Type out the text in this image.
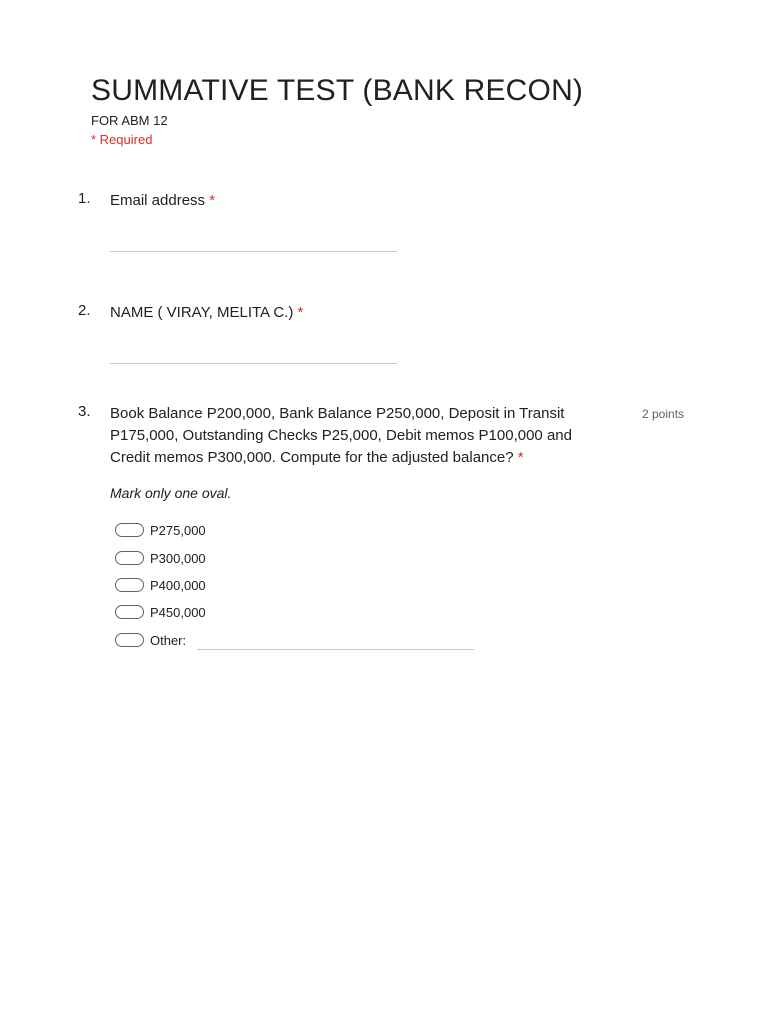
SUMMATIVE TEST (BANK RECON)
FOR ABM 12
* Required
1. Email address *
2. NAME ( VIRAY, MELITA C.) *
3. Book Balance P200,000, Bank Balance P250,000, Deposit in Transit P175,000, Outstanding Checks P25,000, Debit memos P100,000 and Credit memos P300,000. Compute for the adjusted balance? *
2 points
Mark only one oval.
P275,000
P300,000
P400,000
P450,000
Other:
